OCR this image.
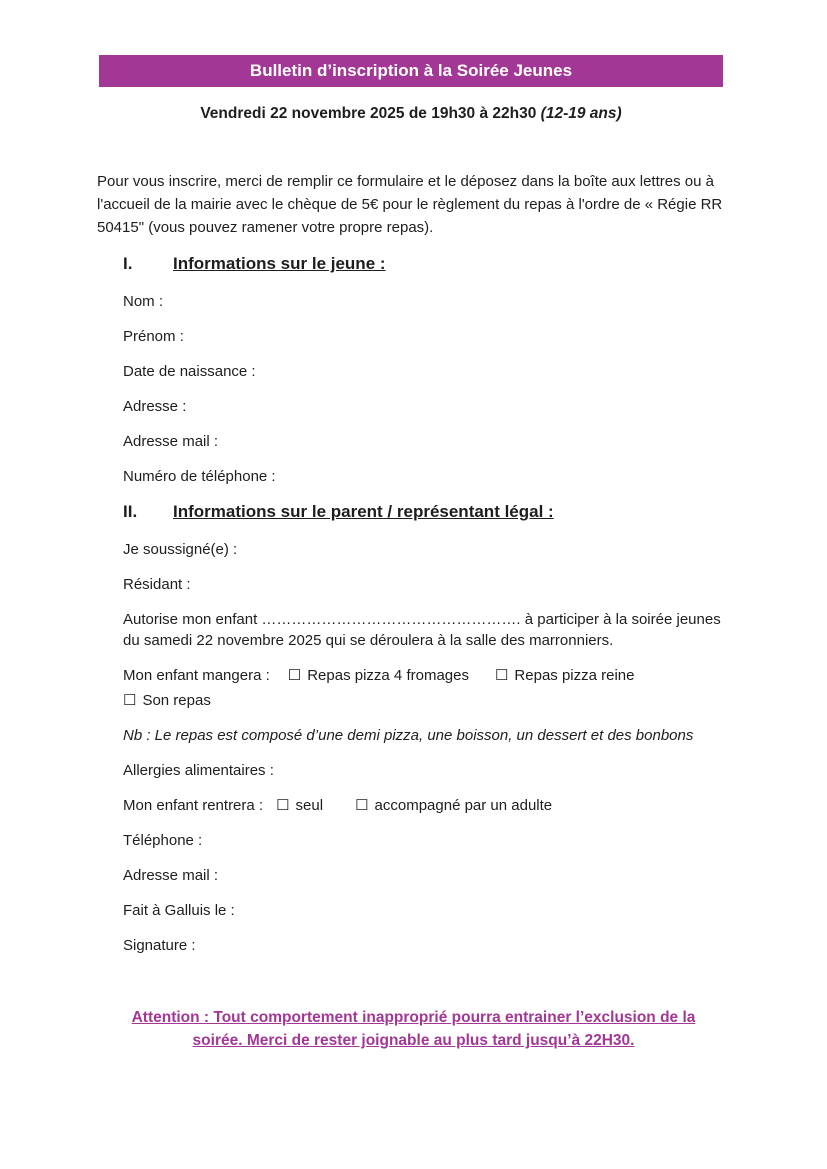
Bulletin d’inscription à la Soirée Jeunes

Vendredi 22 novembre 2025 de 19h30 à 22h30 (12-19 ans)

Pour vous inscrire, merci de remplir ce formulaire et le déposez dans la boîte aux lettres ou à l'accueil de la mairie avec le chèque de 5€ pour le règlement du repas à l'ordre de « Régie RR 50415" (vous pouvez ramener votre propre repas).

I. Informations sur le jeune :

Nom :

Prénom :

Date de naissance :

Adresse :

Adresse mail :

Numéro de téléphone :

II. Informations sur le parent / représentant légal :

Je soussigné(e) :

Résidant :

Autorise mon enfant ……………………………………………. à participer à la soirée jeunes du samedi 22 novembre 2025 qui se déroulera à la salle des marronniers.

Mon enfant mangera : ☐ Repas pizza 4 fromages ☐ Repas pizza reine

☐ Son repas

Nb : Le repas est composé d’une demi pizza, une boisson, un dessert et des bonbons

Allergies alimentaires :

Mon enfant rentrera : ☐ seul ☐ accompagné par un adulte

Téléphone :

Adresse mail :

Fait à Galluis le :

Signature :

Attention : Tout comportement inapproprié pourra entrainer l’exclusion de la soirée. Merci de rester joignable au plus tard jusqu’à 22H30.
